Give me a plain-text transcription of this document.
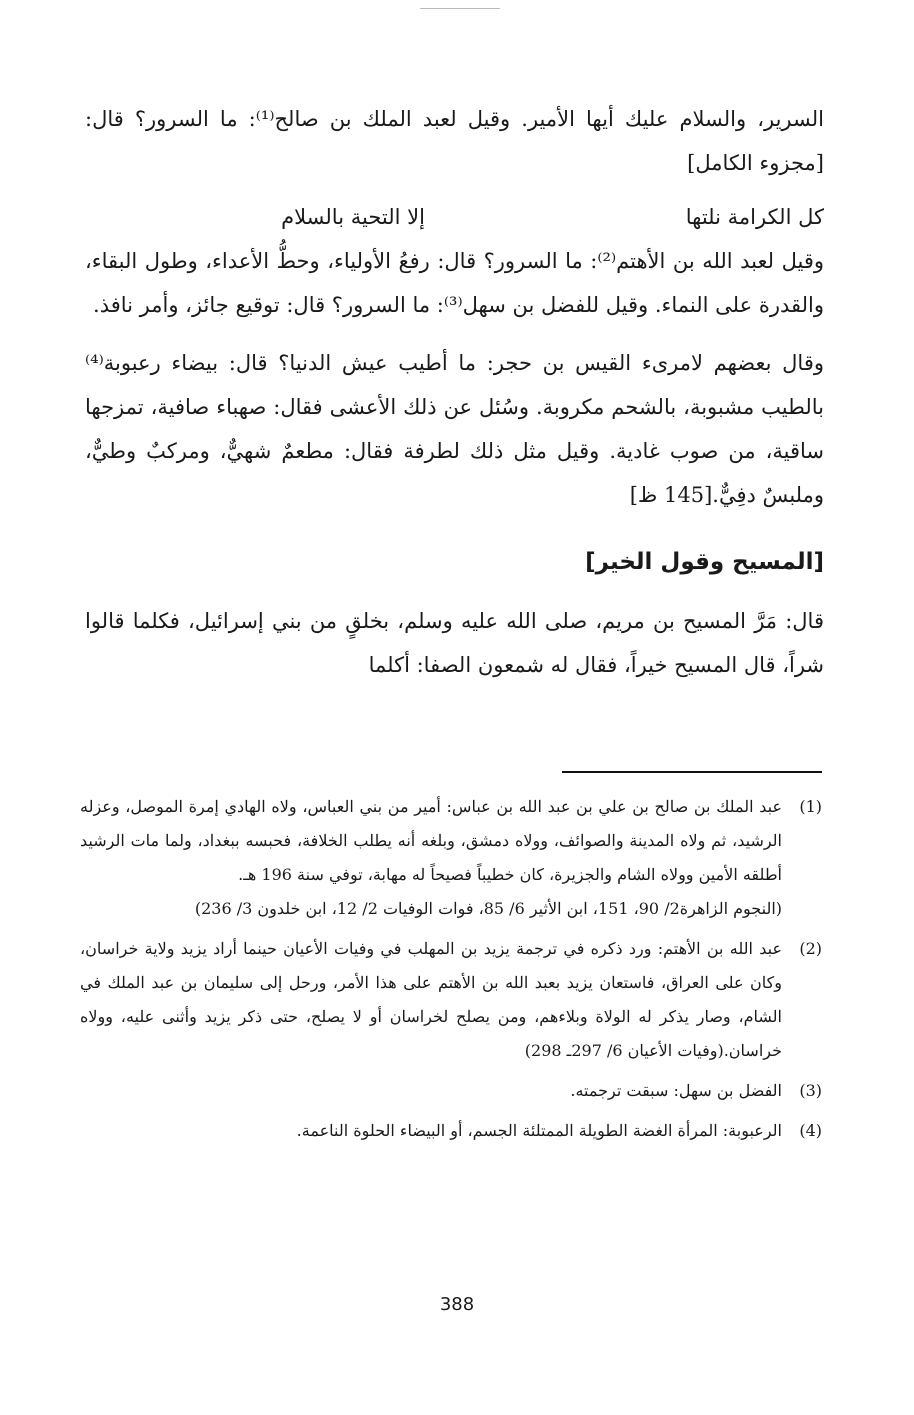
السرير، والسلام عليك أيها الأمير. وقيل لعبد الملك بن صالح⁽¹⁾: ما السرور؟ قال: [مجزوء الكامل]

كل الكرامة نلتها
إلا التحية بالسلام

وقيل لعبد الله بن الأهتم⁽²⁾: ما السرور؟ قال: رفعُ الأولياء، وحطُّ الأعداء، وطول البقاء، والقدرة على النماء. وقيل للفضل بن سهل⁽³⁾: ما السرور؟ قال: توقيع جائز، وأمر نافذ.

وقال بعضهم لامرىء القيس بن حجر: ما أطيب عيش الدنيا؟ قال: بيضاء رعبوبة⁽⁴⁾ بالطيب مشبوبة، بالشحم مكروبة. وسُئل عن ذلك الأعشى فقال: صهباء صافية، تمزجها ساقية، من صوب غادية. وقيل مثل ذلك لطرفة فقال: مطعمٌ شهيٌّ، ومركبٌ وطيٌّ، وملبسٌ دفِيٌّ.[145 ظ]

[المسيح وقول الخير]

قال: مَرَّ المسيح بن مريم، صلى الله عليه وسلم، بخلقٍ من بني إسرائيل، فكلما قالوا شراً، قال المسيح خيراً، فقال له شمعون الصفا: أكلما

(1)
عبد الملك بن صالح بن علي بن عبد الله بن عباس: أمير من بني العباس، ولاه الهادي إمرة الموصل، وعزله الرشيد، ثم ولاه المدينة والصوائف، وولاه دمشق، وبلغه أنه يطلب الخلافة، فحبسه ببغداد، ولما مات الرشيد أطلقه الأمين وولاه الشام والجزيرة، كان خطيباً فصيحاً له مهابة، توفي سنة 196 هـ.
(النجوم الزاهرة2/ 90، 151، ابن الأثير 6/ 85، فوات الوفيات 2/ 12، ابن خلدون 3/ 236)
(2)
عبد الله بن الأهتم: ورد ذكره في ترجمة يزيد بن المهلب في وفيات الأعيان حينما أراد يزيد ولاية خراسان، وكان على العراق، فاستعان يزيد بعبد الله بن الأهتم على هذا الأمر، ورحل إلى سليمان بن عبد الملك في الشام، وصار يذكر له الولاة وبلاءهم، ومن يصلح لخراسان أو لا يصلح، حتى ذكر يزيد وأثنى عليه، وولاه خراسان.(وفيات الأعيان 6/ 297ـ 298)
(3)
الفضل بن سهل: سبقت ترجمته.
(4)
الرعبوبة: المرأة الغضة الطويلة الممتلئة الجسم، أو البيضاء الحلوة الناعمة.
388
